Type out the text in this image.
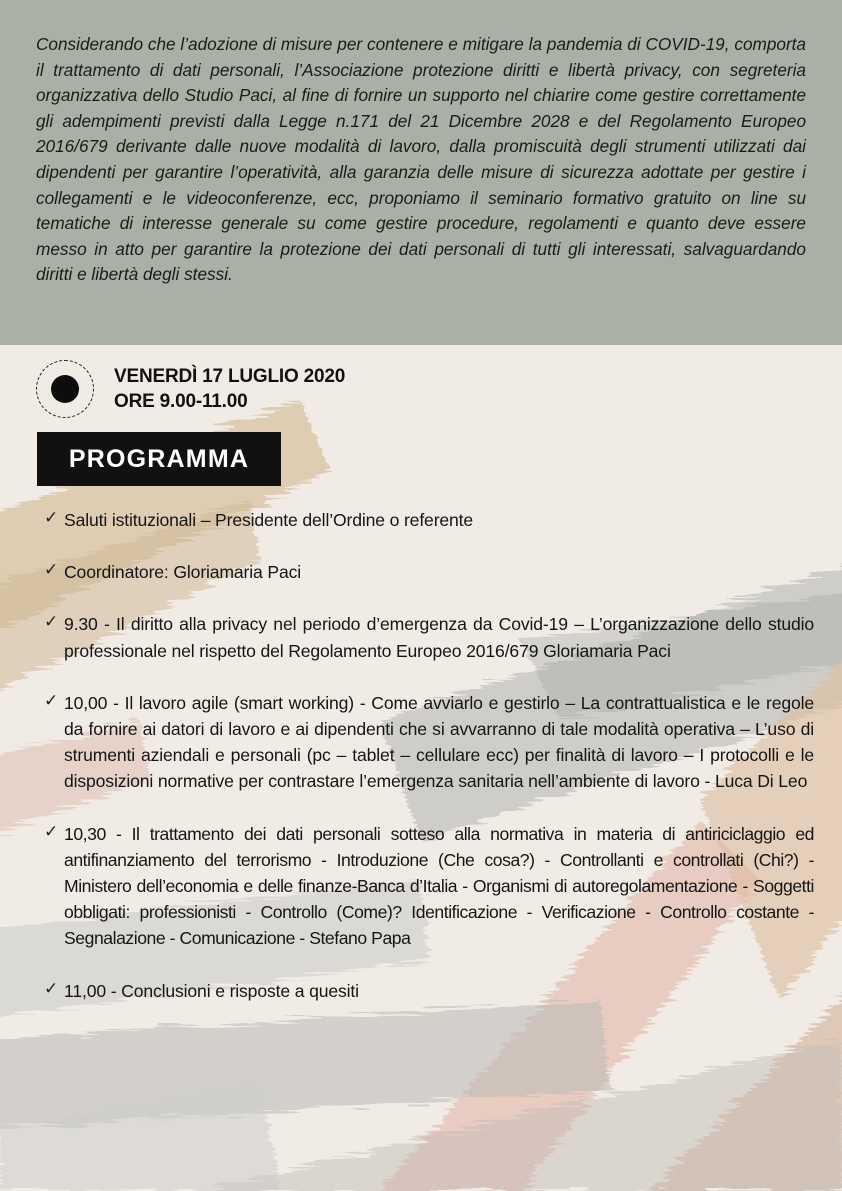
Considerando che l’adozione di misure per contenere e mitigare la pandemia di COVID-19, comporta il trattamento di dati personali, l’Associazione protezione diritti e libertà privacy, con segreteria organizzativa dello Studio Paci, al fine di fornire un supporto nel chiarire come gestire correttamente gli adempimenti previsti dalla Legge n.171 del 21 Dicembre 2028 e del Regolamento Europeo 2016/679 derivante dalle nuove modalità di lavoro, dalla promiscuità degli strumenti utilizzati dai dipendenti per garantire l’operatività, alla garanzia delle misure di sicurezza adottate per gestire i collegamenti e le videoconferenze, ecc, proponiamo il seminario formativo gratuito on line su tematiche di interesse generale su come gestire procedure, regolamenti e quanto deve essere messo in atto per garantire la protezione dei dati personali di tutti gli interessati, salvaguardando diritti e libertà degli stessi.

VENERDÌ 17 LUGLIO 2020
ORE 9.00-11.00
PROGRAMMA
✓ Saluti istituzionali – Presidente dell’Ordine o referente
✓ Coordinatore: Gloriamaria Paci
✓ 9.30 - Il diritto alla privacy nel periodo d’emergenza da Covid-19 – L’organizzazione dello studio professionale nel rispetto del Regolamento Europeo 2016/679 Gloriamaria Paci
✓ 10,00 - Il lavoro agile (smart working) - Come avviarlo e gestirlo – La contrattualistica e le regole da fornire ai datori di lavoro e ai dipendenti che si avvarranno di tale modalità operativa – L’uso di strumenti aziendali e personali (pc – tablet – cellulare ecc) per finalità di lavoro – I protocolli e le disposizioni normative per contrastare l’emergenza sanitaria nell’ambiente di lavoro - Luca Di Leo
✓ 10,30 - Il trattamento dei dati personali sotteso alla normativa in materia di antiriciclaggio ed antifinanziamento del terrorismo - Introduzione (Che cosa?) - Controllanti e controllati (Chi?) - Ministero dell’economia e delle finanze-Banca d’Italia - Organismi di autoregolamentazione - Soggetti obbligati: professionisti - Controllo (Come)? Identificazione - Verificazione - Controllo costante - Segnalazione - Comunicazione - Stefano Papa
✓ 11,00 - Conclusioni e risposte a quesiti
